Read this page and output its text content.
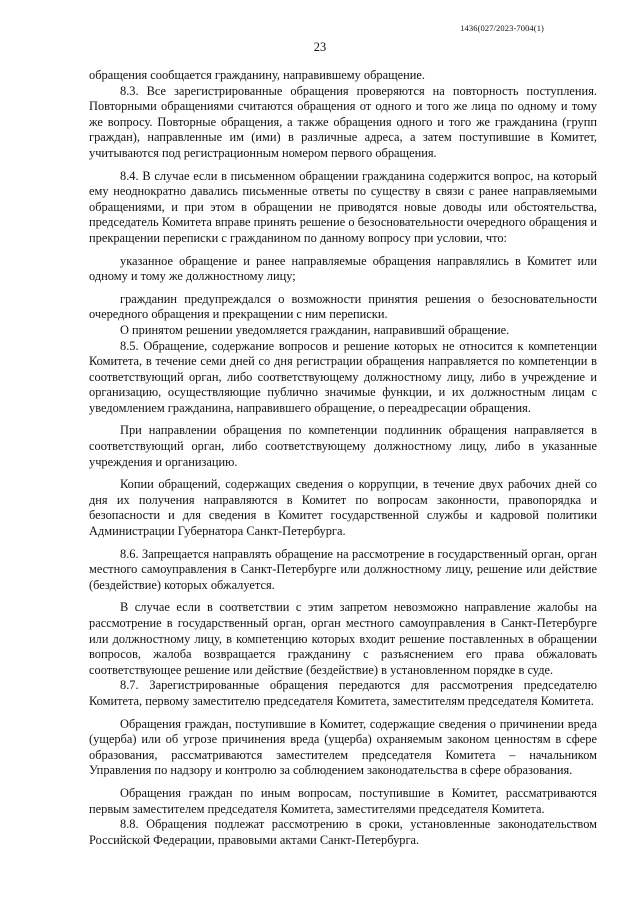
1436(027/2023-7004(1)
23

обращения сообщается гражданину, направившему обращение.

8.3. Все зарегистрированные обращения проверяются на повторность поступления. Повторными обращениями считаются обращения от одного и того же лица по одному и тому же вопросу. Повторные обращения, а также обращения одного и того же гражданина (групп граждан), направленные им (ими) в различные адреса, а затем поступившие в Комитет, учитываются под регистрационным номером первого обращения.

8.4. В случае если в письменном обращении гражданина содержится вопрос, на который ему неоднократно давались письменные ответы по существу в связи с ранее направляемыми обращениями, и при этом в обращении не приводятся новые доводы или обстоятельства, председатель Комитета вправе принять решение о безосновательности очередного обращения и прекращении переписки с гражданином по данному вопросу при условии, что:

указанное обращение и ранее направляемые обращения направлялись в Комитет или одному и тому же должностному лицу;

гражданин предупреждался о возможности принятия решения о безосновательности очередного обращения и прекращении с ним переписки.

О принятом решении уведомляется гражданин, направивший обращение.

8.5. Обращение, содержание вопросов и решение которых не относится к компетенции Комитета, в течение семи дней со дня регистрации обращения направляется по компетенции в соответствующий орган, либо соответствующему должностному лицу, либо в учреждение и организацию, осуществляющие публично значимые функции, и их должностным лицам с уведомлением гражданина, направившего обращение, о переадресации обращения.

При направлении обращения по компетенции подлинник обращения направляется в соответствующий орган, либо соответствующему должностному лицу, либо в указанные учреждения и организацию.

Копии обращений, содержащих сведения о коррупции, в течение двух рабочих дней со дня их получения направляются в Комитет по вопросам законности, правопорядка и безопасности и для сведения в Комитет государственной службы и кадровой политики Администрации Губернатора Санкт-Петербурга.

8.6. Запрещается направлять обращение на рассмотрение в государственный орган, орган местного самоуправления в Санкт-Петербурге или должностному лицу, решение или действие (бездействие) которых обжалуется.

В случае если в соответствии с этим запретом невозможно направление жалобы на рассмотрение в государственный орган, орган местного самоуправления в Санкт-Петербурге или должностному лицу, в компетенцию которых входит решение поставленных в обращении вопросов, жалоба возвращается гражданину с разъяснением его права обжаловать соответствующее решение или действие (бездействие) в установленном порядке в суде.

8.7. Зарегистрированные обращения передаются для рассмотрения председателю Комитета, первому заместителю председателя Комитета, заместителям председателя Комитета.

Обращения граждан, поступившие в Комитет, содержащие сведения о причинении вреда (ущерба) или об угрозе причинения вреда (ущерба) охраняемым законом ценностям в сфере образования, рассматриваются заместителем председателя Комитета – начальником Управления по надзору и контролю за соблюдением законодательства в сфере образования.

Обращения граждан по иным вопросам, поступившие в Комитет, рассматриваются первым заместителем председателя Комитета, заместителями председателя Комитета.

8.8. Обращения подлежат рассмотрению в сроки, установленные законодательством Российской Федерации, правовыми актами Санкт-Петербурга.
